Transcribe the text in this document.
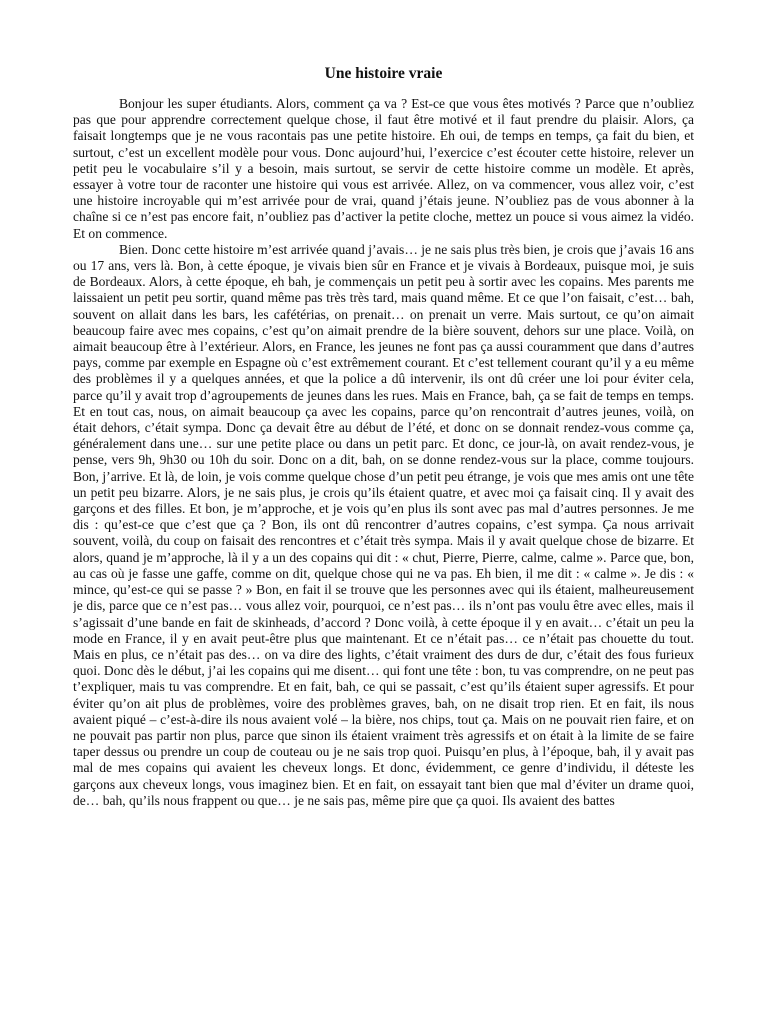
Une histoire vraie

Bonjour les super étudiants. Alors, comment ça va ? Est-ce que vous êtes motivés ? Parce que n’oubliez pas que pour apprendre correctement quelque chose, il faut être motivé et il faut prendre du plaisir. Alors, ça faisait longtemps que je ne vous racontais pas une petite histoire. Eh oui, de temps en temps, ça fait du bien, et surtout, c’est un excellent modèle pour vous. Donc aujourd’hui, l’exercice c’est écouter cette histoire, relever un petit peu le vocabulaire s’il y a besoin, mais surtout, se servir de cette histoire comme un modèle. Et après, essayer à votre tour de raconter une histoire qui vous est arrivée. Allez, on va commencer, vous allez voir, c’est une histoire incroyable qui m’est arrivée pour de vrai, quand j’étais jeune. N’oubliez pas de vous abonner à la chaîne si ce n’est pas encore fait, n’oubliez pas d’activer la petite cloche, mettez un pouce si vous aimez la vidéo. Et on commence.

Bien. Donc cette histoire m’est arrivée quand j’avais… je ne sais plus très bien, je crois que j’avais 16 ans ou 17 ans, vers là. Bon, à cette époque, je vivais bien sûr en France et je vivais à Bordeaux, puisque moi, je suis de Bordeaux. Alors, à cette époque, eh bah, je commençais un petit peu à sortir avec les copains. Mes parents me laissaient un petit peu sortir, quand même pas très très tard, mais quand même. Et ce que l’on faisait, c’est… bah, souvent on allait dans les bars, les cafétérias, on prenait… on prenait un verre. Mais surtout, ce qu’on aimait beaucoup faire avec mes copains, c’est qu’on aimait prendre de la bière souvent, dehors sur une place. Voilà, on aimait beaucoup être à l’extérieur. Alors, en France, les jeunes ne font pas ça aussi couramment que dans d’autres pays, comme par exemple en Espagne où c’est extrêmement courant. Et c’est tellement courant qu’il y a eu même des problèmes il y a quelques années, et que la police a dû intervenir, ils ont dû créer une loi pour éviter cela, parce qu’il y avait trop d’agroupements de jeunes dans les rues. Mais en France, bah, ça se fait de temps en temps. Et en tout cas, nous, on aimait beaucoup ça avec les copains, parce qu’on rencontrait d’autres jeunes, voilà, on était dehors, c’était sympa. Donc ça devait être au début de l’été, et donc on se donnait rendez-vous comme ça, généralement dans une… sur une petite place ou dans un petit parc. Et donc, ce jour-là, on avait rendez-vous, je pense, vers 9h, 9h30 ou 10h du soir. Donc on a dit, bah, on se donne rendez-vous sur la place, comme toujours. Bon, j’arrive. Et là, de loin, je vois comme quelque chose d’un petit peu étrange, je vois que mes amis ont une tête un petit peu bizarre. Alors, je ne sais plus, je crois qu’ils étaient quatre, et avec moi ça faisait cinq. Il y avait des garçons et des filles. Et bon, je m’approche, et je vois qu’en plus ils sont avec pas mal d’autres personnes. Je me dis : qu’est-ce que c’est que ça ? Bon, ils ont dû rencontrer d’autres copains, c’est sympa. Ça nous arrivait souvent, voilà, du coup on faisait des rencontres et c’était très sympa. Mais il y avait quelque chose de bizarre. Et alors, quand je m’approche, là il y a un des copains qui dit : « chut, Pierre, Pierre, calme, calme ». Parce que, bon, au cas où je fasse une gaffe, comme on dit, quelque chose qui ne va pas. Eh bien, il me dit : « calme ». Je dis : « mince, qu’est-ce qui se passe ? » Bon, en fait il se trouve que les personnes avec qui ils étaient, malheureusement je dis, parce que ce n’est pas… vous allez voir, pourquoi, ce n’est pas… ils n’ont pas voulu être avec elles, mais il s’agissait d’une bande en fait de skinheads, d’accord ? Donc voilà, à cette époque il y en avait… c’était un peu la mode en France, il y en avait peut-être plus que maintenant. Et ce n’était pas… ce n’était pas chouette du tout. Mais en plus, ce n’était pas des… on va dire des lights, c’était vraiment des durs de dur, c’était des fous furieux quoi. Donc dès le début, j’ai les copains qui me disent… qui font une tête : bon, tu vas comprendre, on ne peut pas t’expliquer, mais tu vas comprendre. Et en fait, bah, ce qui se passait, c’est qu’ils étaient super agressifs. Et pour éviter qu’on ait plus de problèmes, voire des problèmes graves, bah, on ne disait trop rien. Et en fait, ils nous avaient piqué – c’est-à-dire ils nous avaient volé – la bière, nos chips, tout ça. Mais on ne pouvait rien faire, et on ne pouvait pas partir non plus, parce que sinon ils étaient vraiment très agressifs et on était à la limite de se faire taper dessus ou prendre un coup de couteau ou je ne sais trop quoi. Puisqu’en plus, à l’époque, bah, il y avait pas mal de mes copains qui avaient les cheveux longs. Et donc, évidemment, ce genre d’individu, il déteste les garçons aux cheveux longs, vous imaginez bien. Et en fait, on essayait tant bien que mal d’éviter un drame quoi, de… bah, qu’ils nous frappent ou que… je ne sais pas, même pire que ça quoi. Ils avaient des battes
